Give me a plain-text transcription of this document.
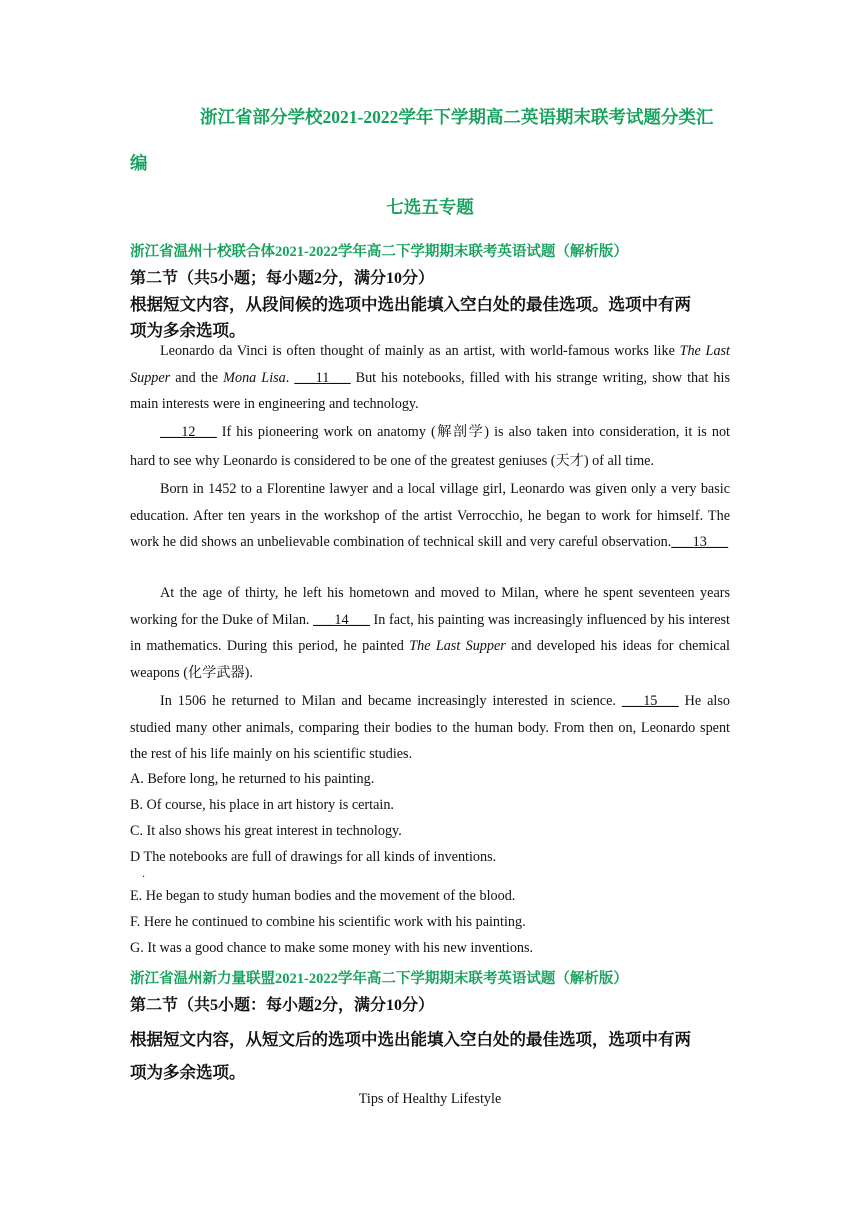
浙江省部分学校2021-2022学年下学期高二英语期末联考试题分类汇
编
七选五专题
浙江省温州十校联合体2021-2022学年高二下学期期末联考英语试题（解析版）
第二节（共5小题；每小题2分，满分10分）
根据短文内容，从段间候的选项中选出能填入空白处的最佳选项。选项中有两
项为多余选项。
Leonardo da Vinci is often thought of mainly as an artist, with world-famous works like The Last Supper and the Mona Lisa. ___11___ But his notebooks, filled with his strange writing, show that his main interests were in engineering and technology.
___12___ If his pioneering work on anatomy (解剖学) is also taken into consideration, it is not hard to see why Leonardo is considered to be one of the greatest geniuses (天才) of all time.
Born in 1452 to a Florentine lawyer and a local village girl, Leonardo was given only a very basic education. After ten years in the workshop of the artist Verrocchio, he began to work for himself. The work he did shows an unbelievable combination of technical skill and very careful observation.___13___
At the age of thirty, he left his hometown and moved to Milan, where he spent seventeen years working for the Duke of Milan. ___14___ In fact, his painting was increasingly influenced by his interest in mathematics. During this period, he painted The Last Supper and developed his ideas for chemical weapons (化学武器).
In 1506 he returned to Milan and became increasingly interested in science. ___15___ He also studied many other animals, comparing their bodies to the human body. From then on, Leonardo spent the rest of his life mainly on his scientific studies.
A. Before long, he returned to his painting.
B. Of course, his place in art history is certain.
C. It also shows his great interest in technology.
D The notebooks are full of drawings for all kinds of inventions.
.
E. He began to study human bodies and the movement of the blood.
F. Here he continued to combine his scientific work with his painting.
G. It was a good chance to make some money with his new inventions.
浙江省温州新力量联盟2021-2022学年高二下学期期末联考英语试题（解析版）
第二节（共5小题：每小题2分，满分10分）
根据短文内容，从短文后的选项中选出能填入空白处的最佳选项，选项中有两
项为多余选项。
Tips of Healthy Lifestyle
